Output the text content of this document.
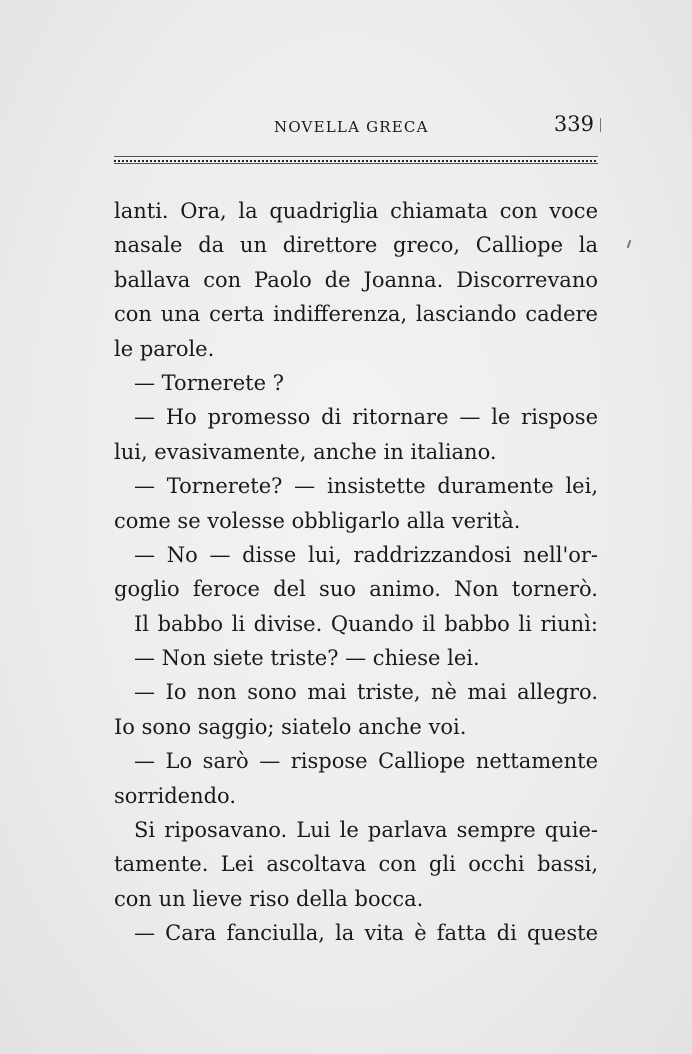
NOVELLA GRECA	339
lanti. Ora, la quadriglia chiamata con voce
nasale da un direttore greco, Calliope la
ballava con Paolo de Joanna. Discorrevano
con una certa indifferenza, lasciando cadere
le parole.
— Tornerete ?
— Ho promesso di ritornare — le rispose
lui, evasivamente, anche in italiano.
— Tornerete? — insistette duramente lei,
come se volesse obbligarlo alla verità.
— No — disse lui, raddrizzandosi nell'or-
goglio feroce del suo animo. Non tornerò.
Il babbo li divise. Quando il babbo li riunì:
— Non siete triste? — chiese lei.
— Io non sono mai triste, nè mai allegro.
Io sono saggio; siatelo anche voi.
— Lo sarò — rispose Calliope nettamente
sorridendo.
Si riposavano. Lui le parlava sempre quie-
tamente. Lei ascoltava con gli occhi bassi,
con un lieve riso della bocca.
— Cara fanciulla, la vita è fatta di queste
